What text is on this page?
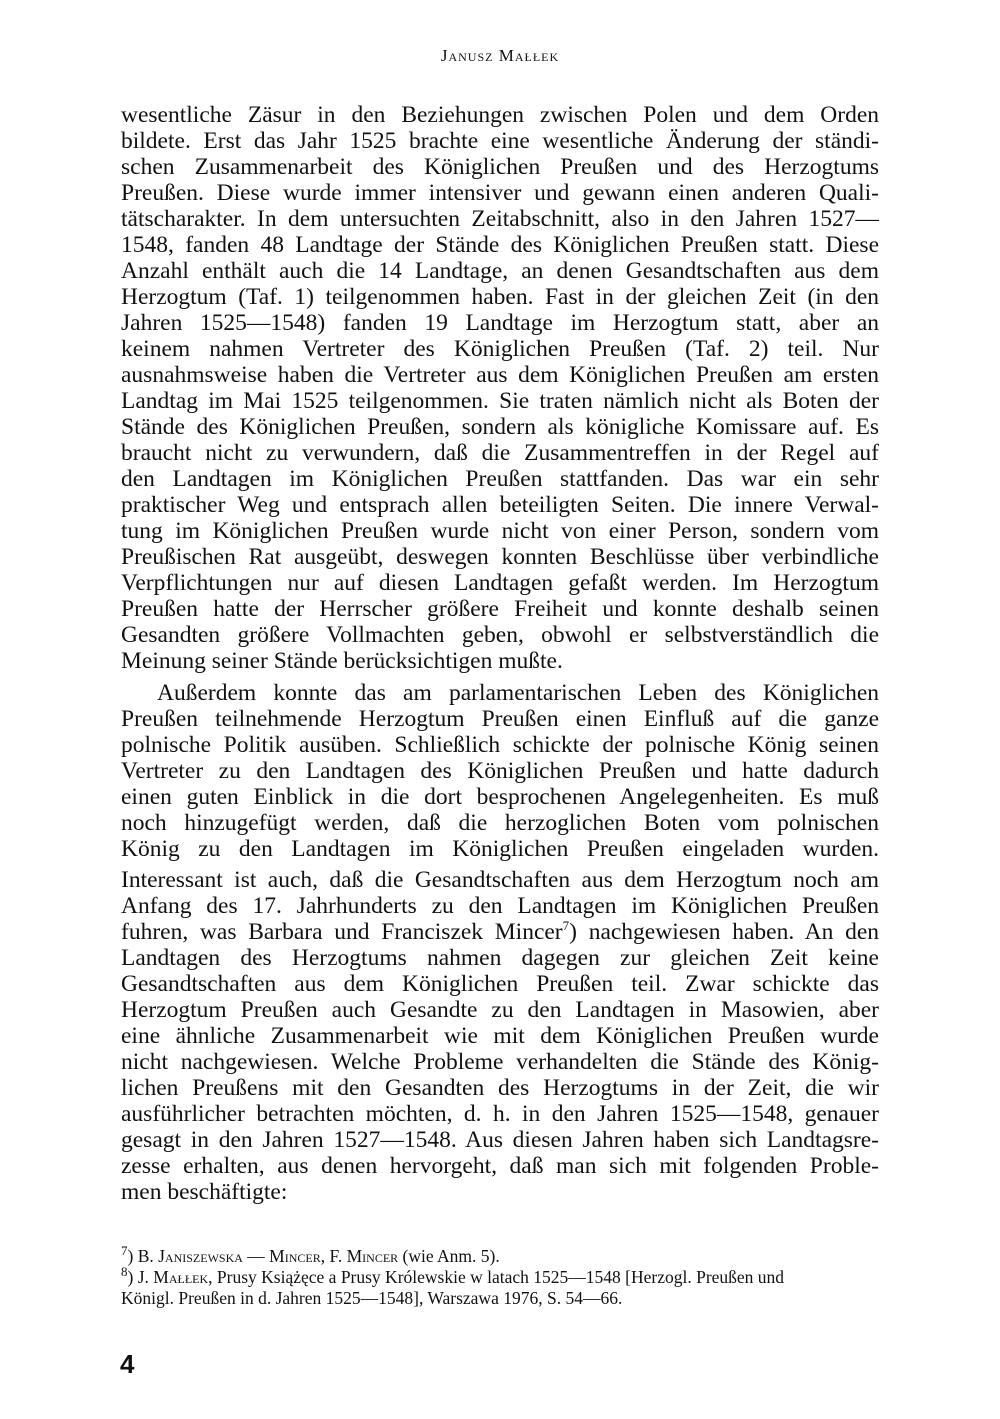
Janusz Małłek
wesentliche Zäsur in den Beziehungen zwischen Polen und dem Orden
bildete. Erst das Jahr 1525 brachte eine wesentliche Änderung der ständi-
schen Zusammenarbeit des Königlichen Preußen und des Herzogtums
Preußen. Diese wurde immer intensiver und gewann einen anderen Quali-
tätscharakter. In dem untersuchten Zeitabschnitt, also in den Jahren 1527—
1548, fanden 48 Landtage der Stände des Königlichen Preußen statt. Diese
Anzahl enthält auch die 14 Landtage, an denen Gesandtschaften aus dem
Herzogtum (Taf. 1) teilgenommen haben. Fast in der gleichen Zeit (in den
Jahren 1525—1548) fanden 19 Landtage im Herzogtum statt, aber an
keinem nahmen Vertreter des Königlichen Preußen (Taf. 2) teil. Nur
ausnahmsweise haben die Vertreter aus dem Königlichen Preußen am ersten
Landtag im Mai 1525 teilgenommen. Sie traten nämlich nicht als Boten der
Stände des Königlichen Preußen, sondern als königliche Komissare auf. Es
braucht nicht zu verwundern, daß die Zusammentreffen in der Regel auf
den Landtagen im Königlichen Preußen stattfanden. Das war ein sehr
praktischer Weg und entsprach allen beteiligten Seiten. Die innere Verwal-
tung im Königlichen Preußen wurde nicht von einer Person, sondern vom
Preußischen Rat ausgeübt, deswegen konnten Beschlüsse über verbindliche
Verpflichtungen nur auf diesen Landtagen gefaßt werden. Im Herzogtum
Preußen hatte der Herrscher größere Freiheit und konnte deshalb seinen
Gesandten größere Vollmachten geben, obwohl er selbstverständlich die
Meinung seiner Stände berücksichtigen mußte.
Außerdem konnte das am parlamentarischen Leben des Königlichen
Preußen teilnehmende Herzogtum Preußen einen Einfluß auf die ganze
polnische Politik ausüben. Schließlich schickte der polnische König seinen
Vertreter zu den Landtagen des Königlichen Preußen und hatte dadurch
einen guten Einblick in die dort besprochenen Angelegenheiten. Es muß
noch hinzugefügt werden, daß die herzoglichen Boten vom polnischen
König zu den Landtagen im Königlichen Preußen eingeladen wurden.
Interessant ist auch, daß die Gesandtschaften aus dem Herzogtum noch am
Anfang des 17. Jahrhunderts zu den Landtagen im Königlichen Preußen
fuhren, was Barbara und Franciszek Mincer$^7$) nachgewiesen haben. An den
Landtagen des Herzogtums nahmen dagegen zur gleichen Zeit keine
Gesandtschaften aus dem Königlichen Preußen teil. Zwar schickte das
Herzogtum Preußen auch Gesandte zu den Landtagen in Masowien, aber
eine ähnliche Zusammenarbeit wie mit dem Königlichen Preußen wurde
nicht nachgewiesen. Welche Probleme verhandelten die Stände des König-
lichen Preußens mit den Gesandten des Herzogtums in der Zeit, die wir
ausführlicher betrachten möchten, d. h. in den Jahren 1525—1548, genauer
gesagt in den Jahren 1527—1548. Aus diesen Jahren haben sich Landtagsre-
zesse erhalten, aus denen hervorgeht, daß man sich mit folgenden Proble-
men beschäftigte:
$^7$) B. Janiszewska — Mincer, F. Mincer (wie Anm. 5).
$^8$) J. Małłek, Prusy Książęce a Prusy Królewskie w latach 1525—1548 [Herzogl. Preußen und
Königl. Preußen in d. Jahren 1525—1548], Warszawa 1976, S. 54—66.
4
